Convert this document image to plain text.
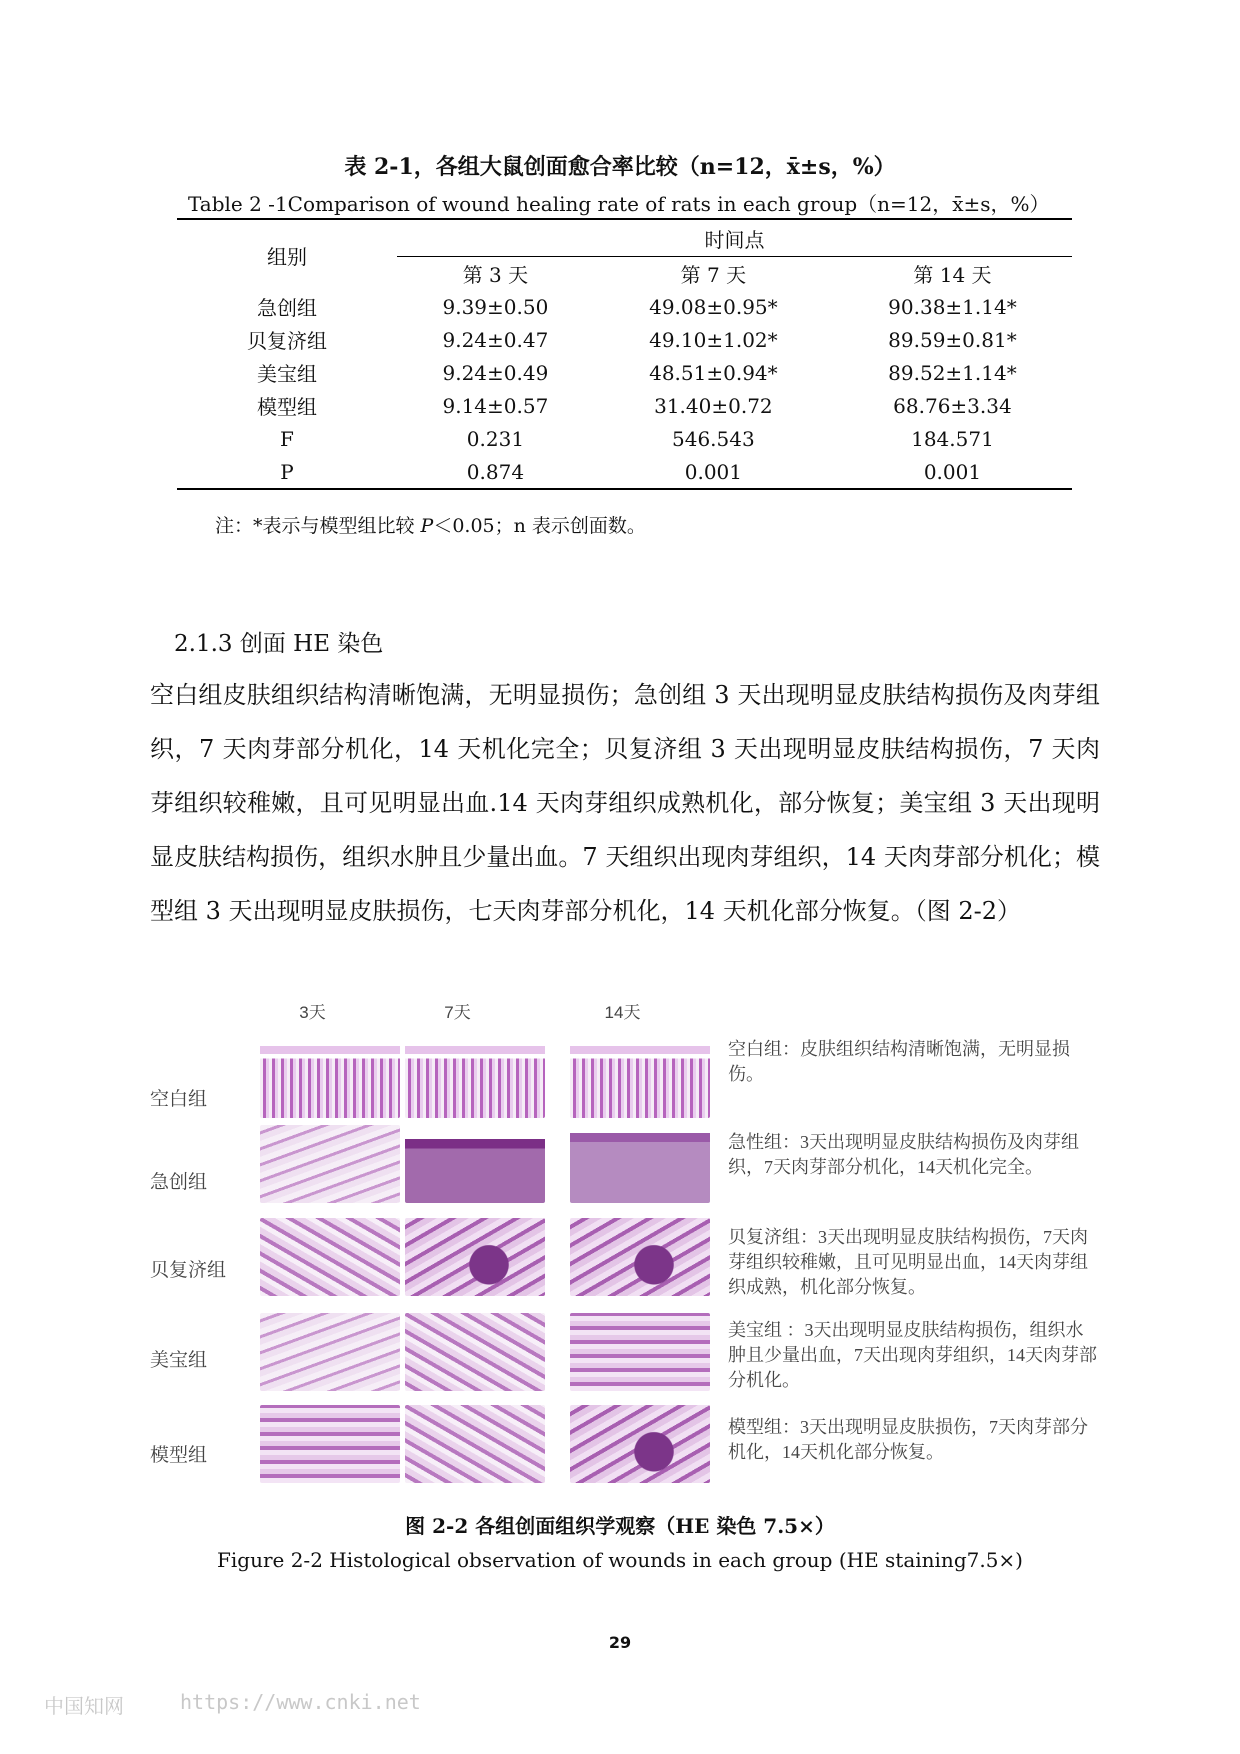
表 2-1，各组大鼠创面愈合率比较（n=12，x̄±s，%）
Table 2 -1Comparison of wound healing rate of rats in each group（n=12，x̄±s，%）
组别	时间点		
	第 3 天	第 7 天	第 14 天
急创组	9.39±0.50	49.08±0.95*	90.38±1.14*
贝复济组	9.24±0.47	49.10±1.02*	89.59±0.81*
美宝组	9.24±0.49	48.51±0.94*	89.52±1.14*
模型组	9.14±0.57	31.40±0.72	68.76±3.34
F	0.231	546.543	184.571
P	0.874	0.001	0.001
注：*表示与模型组比较 P＜0.05；n 表示创面数。
2.1.3 创面 HE 染色
空白组皮肤组织结构清晰饱满，无明显损伤；急创组 3 天出现明显皮肤结构损伤及肉芽组织，7 天肉芽部分机化，14 天机化完全；贝复济组 3 天出现明显皮肤结构损伤，7 天肉芽组织较稚嫩，且可见明显出血.14 天肉芽组织成熟机化，部分恢复；美宝组 3 天出现明显皮肤结构损伤，组织水肿且少量出血。7 天组织出现肉芽组织，14 天肉芽部分机化；模型组 3 天出现明显皮肤损伤，七天肉芽部分机化，14 天机化部分恢复。（图 2-2）
3天	7天	14天
空白组
空白组：皮肤组织结构清晰饱满，无明显损伤。
急创组
急性组：3天出现明显皮肤结构损伤及肉芽组织，7天肉芽部分机化，14天机化完全。
贝复济组
贝复济组：3天出现明显皮肤结构损伤，7天肉芽组织较稚嫩，且可见明显出血，14天肉芽组织成熟，机化部分恢复。
美宝组
美宝组 ：3天出现明显皮肤结构损伤，组织水肿且少量出血，7天出现肉芽组织，14天肉芽部分机化。
模型组
模型组：3天出现明显皮肤损伤，7天肉芽部分机化，14天机化部分恢复。
图 2-2 各组创面组织学观察（HE 染色 7.5×）
Figure 2-2 Histological observation of wounds in each group (HE staining7.5×)
29
中国知网	https://www.cnki.net
